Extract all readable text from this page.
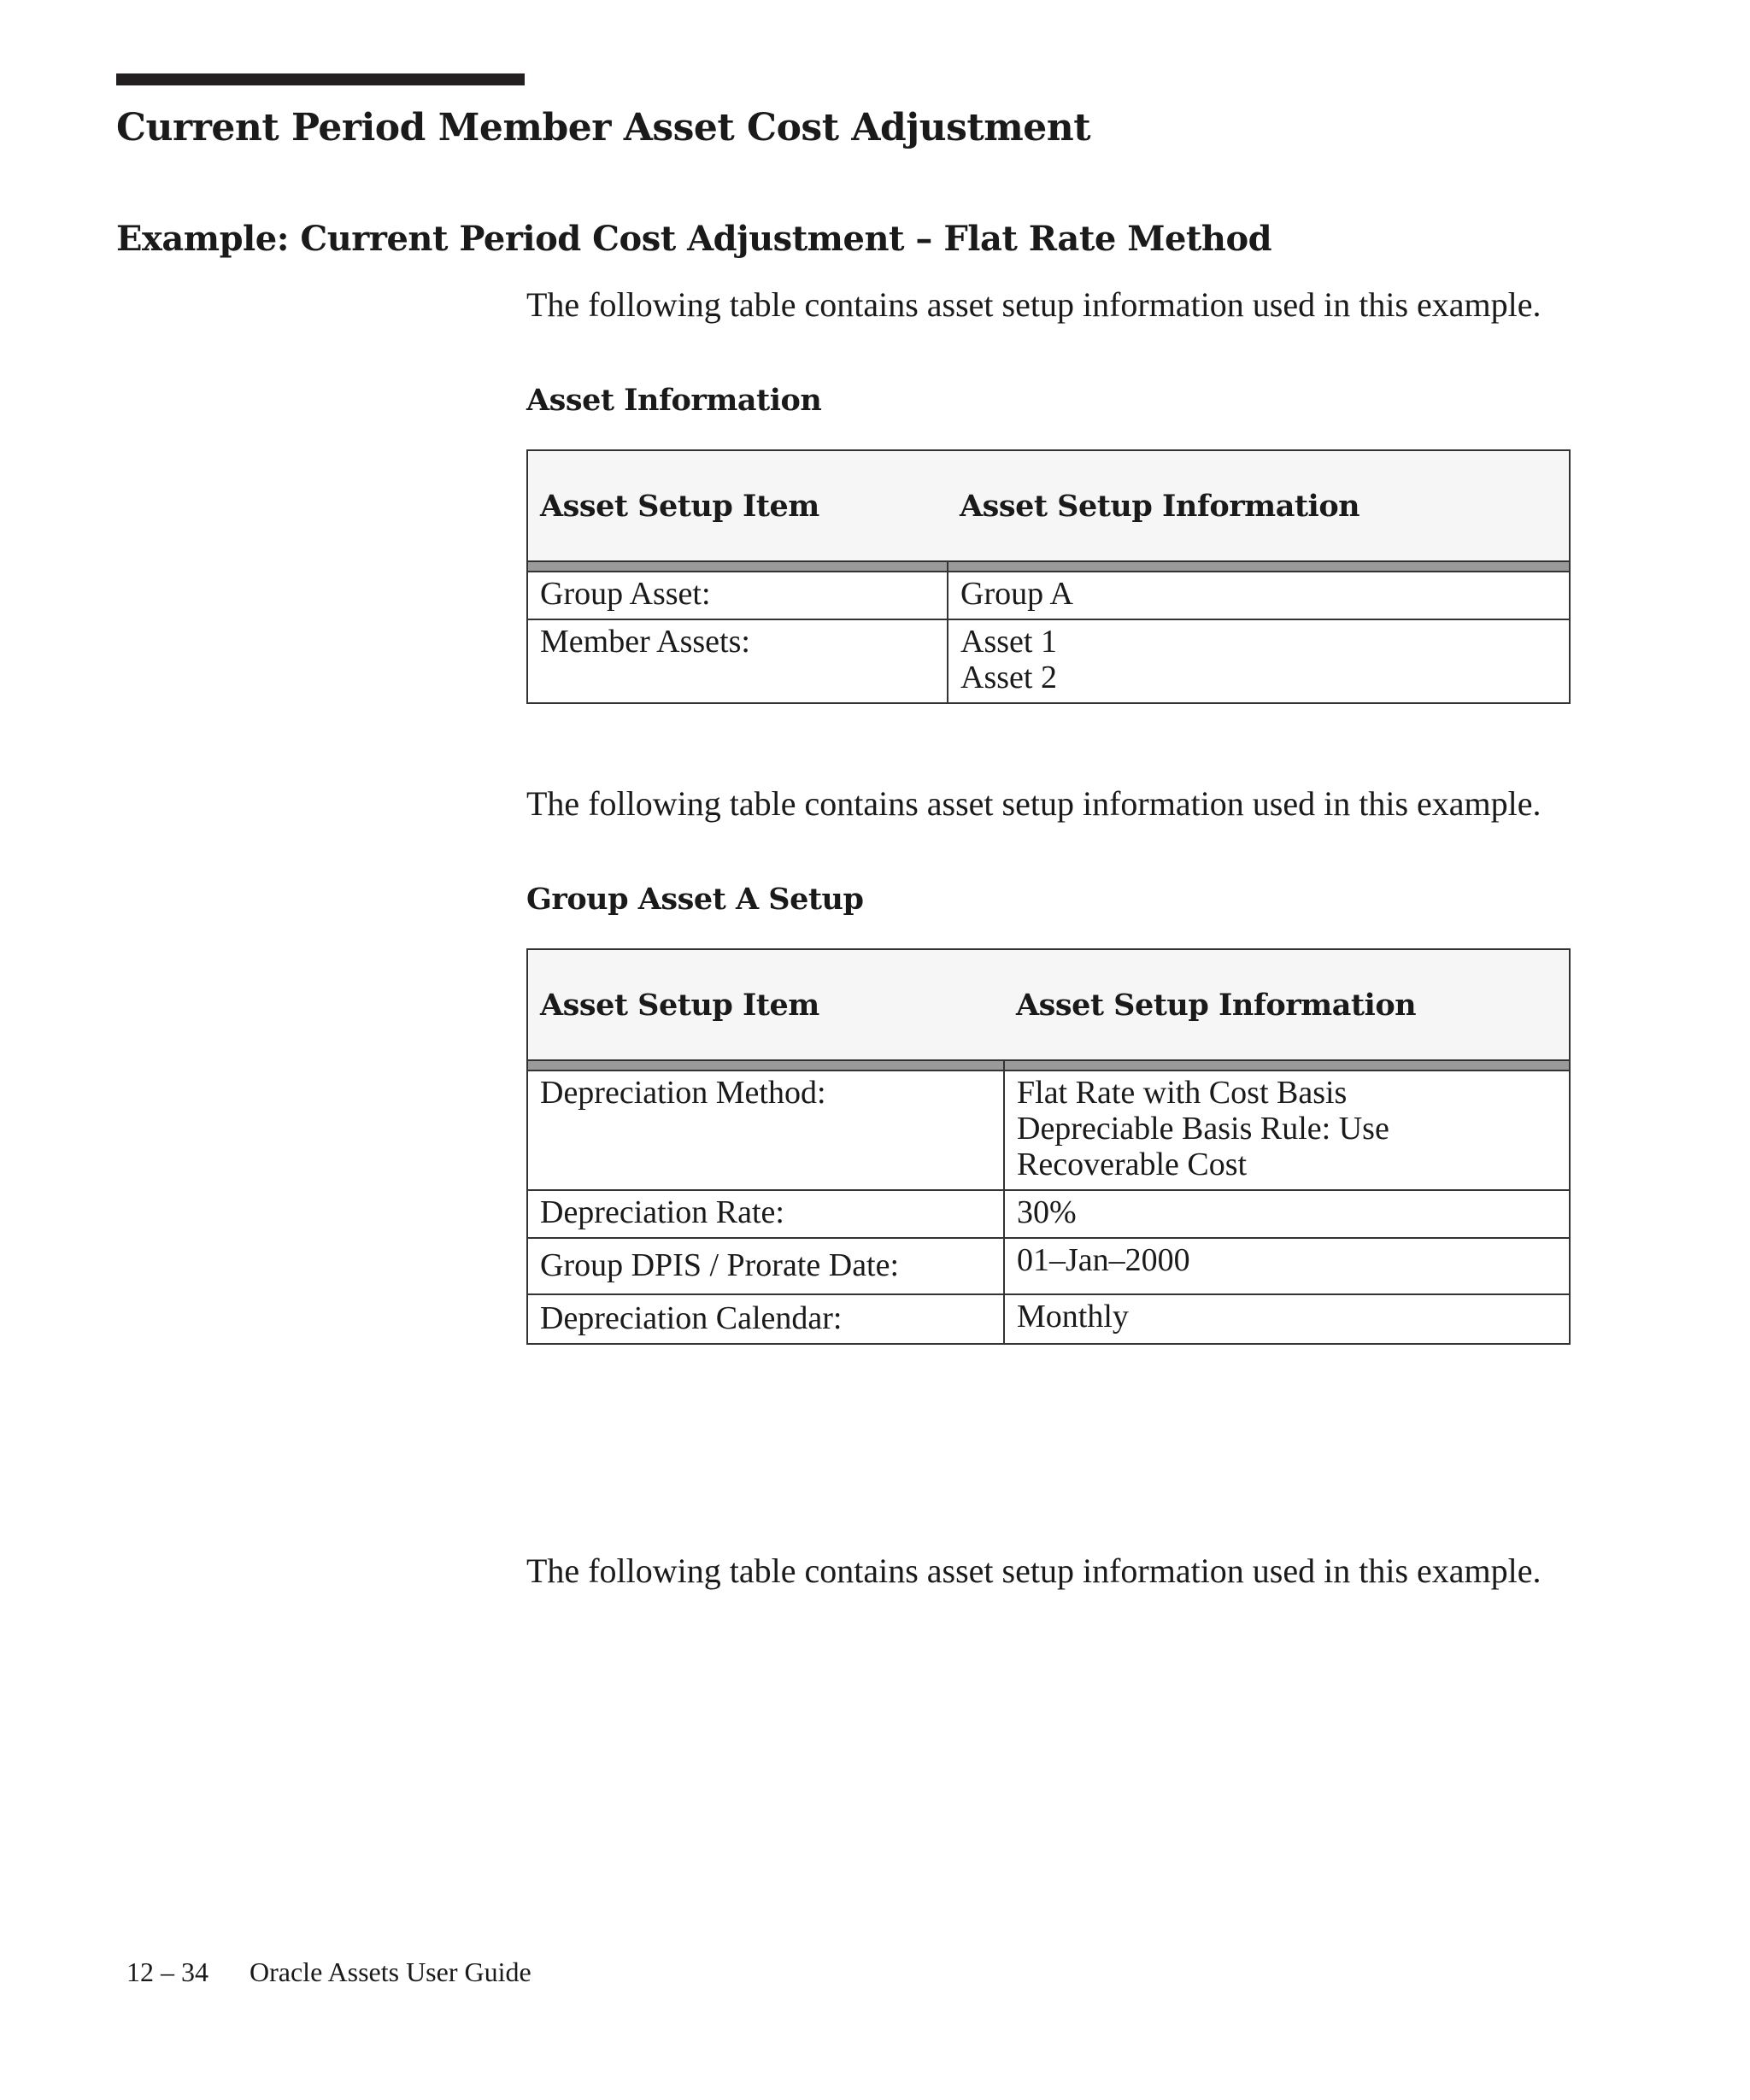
Current Period Member Asset Cost Adjustment
Example: Current Period Cost Adjustment – Flat Rate Method

The following table contains asset setup information used in this example.

Asset Information

Asset Setup Item	Asset Setup Information

Group Asset:	Group A

Member Assets:	Asset 1
Asset 2

The following table contains asset setup information used in this example.

Group Asset A Setup

Asset Setup Item	Asset Setup Information

Depreciation Method:	Flat Rate with Cost Basis
Depreciable Basis Rule: Use Recoverable Cost

Depreciation Rate:	30%

Group DPIS / Prorate Date:	01–Jan–2000

Depreciation Calendar:	Monthly

The following table contains asset setup information used in this example.

12 – 34 Oracle Assets User Guide
